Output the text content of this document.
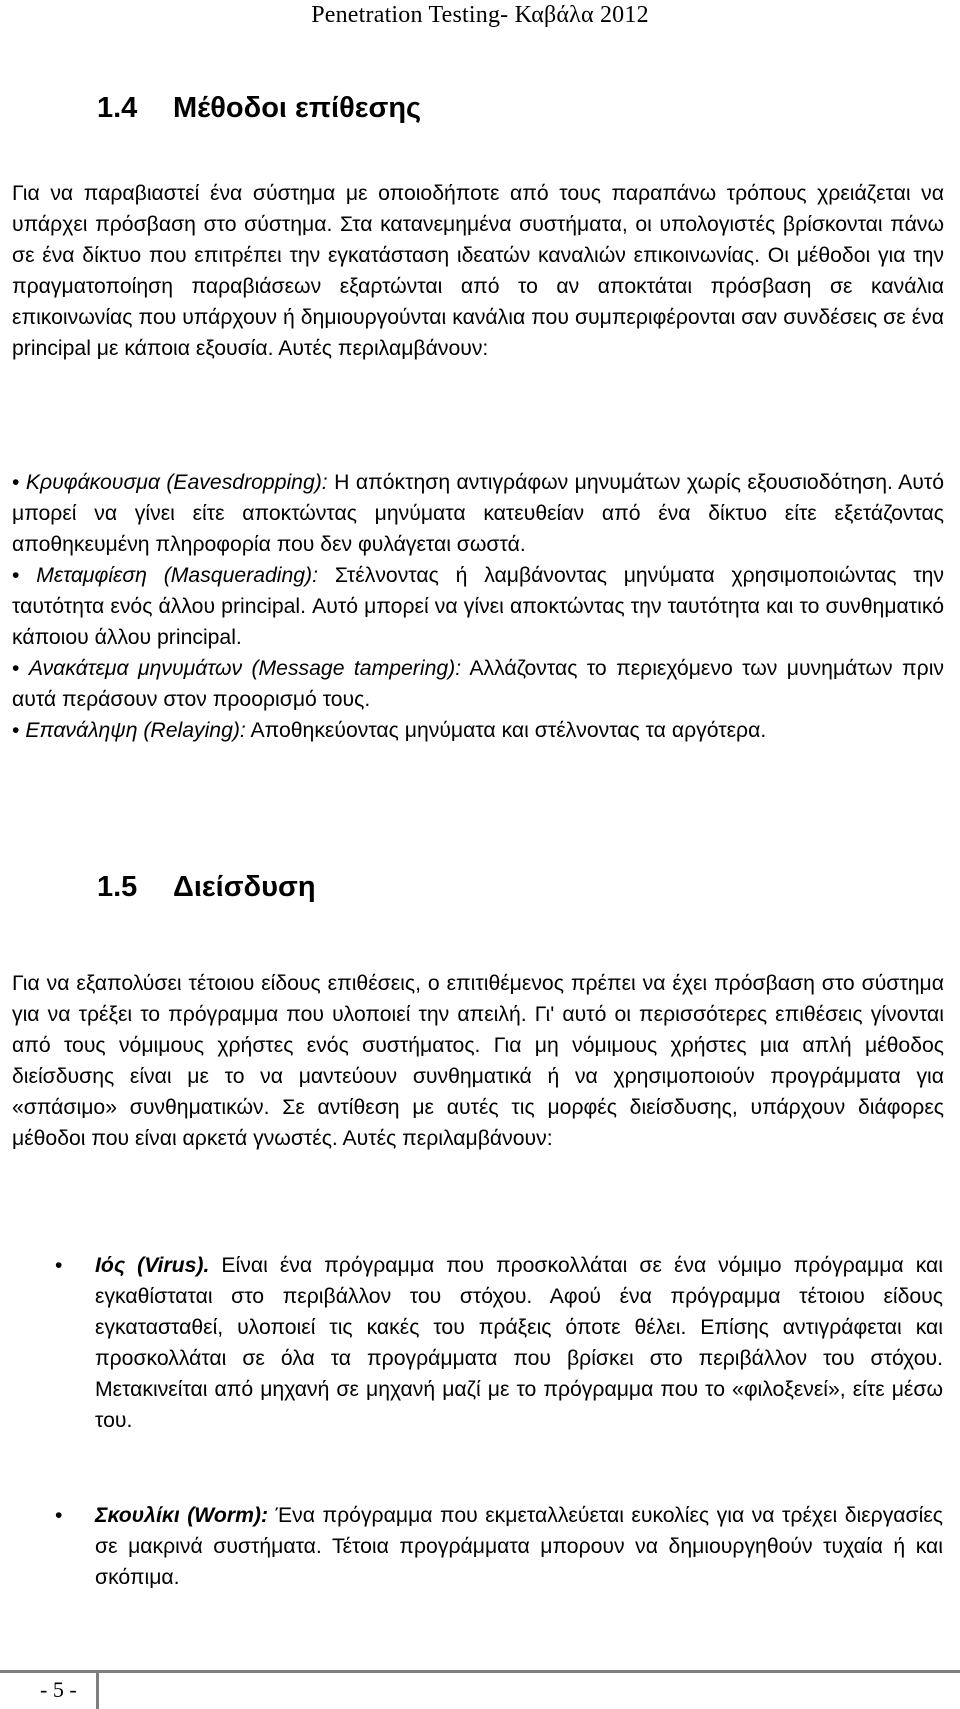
Penetration Testing- Καβάλα 2012
1.4 Μέθοδοι επίθεσης

Για να παραβιαστεί ένα σύστημα με οποιοδήποτε από τους παραπάνω τρόπους χρειάζεται να υπάρχει πρόσβαση στο σύστημα. Στα κατανεμημένα συστήματα, οι υπολογιστές βρίσκονται πάνω σε ένα δίκτυο που επιτρέπει την εγκατάσταση ιδεατών καναλιών επικοινωνίας. Οι μέθοδοι για την πραγματοποίηση παραβιάσεων εξαρτώνται από το αν αποκτάται πρόσβαση σε κανάλια επικοινωνίας που υπάρχουν ή δημιουργούνται κανάλια που συμπεριφέρονται σαν συνδέσεις σε ένα principal με κάποια εξουσία. Αυτές περιλαμβάνουν:

• Κρυφάκουσμα (Eavesdropping): Η απόκτηση αντιγράφων μηνυμάτων χωρίς εξουσιοδότηση. Αυτό μπορεί να γίνει είτε αποκτώντας μηνύματα κατευθείαν από ένα δίκτυο είτε εξετάζοντας αποθηκευμένη πληροφορία που δεν φυλάγεται σωστά.

• Μεταμφίεση (Masquerading): Στέλνοντας ή λαμβάνοντας μηνύματα χρησιμοποιώντας την ταυτότητα ενός άλλου principal. Αυτό μπορεί να γίνει αποκτώντας την ταυτότητα και το συνθηματικό κάποιου άλλου principal.

• Ανακάτεμα μηνυμάτων (Message tampering): Αλλάζοντας το περιεχόμενο των μυνημάτων πριν αυτά περάσουν στον προορισμό τους.

• Επανάληψη (Relaying): Αποθηκεύοντας μηνύματα και στέλνοντας τα αργότερα.

1.5 Διείσδυση

Για να εξαπολύσει τέτοιου είδους επιθέσεις, ο επιτιθέμενος πρέπει να έχει πρόσβαση στο σύστημα για να τρέξει το πρόγραμμα που υλοποιεί την απειλή. Γι' αυτό οι περισσότερες επιθέσεις γίνονται από τους νόμιμους χρήστες ενός συστήματος. Για μη νόμιμους χρήστες μια απλή μέθοδος διείσδυσης είναι με το να μαντεύουν συνθηματικά ή να χρησιμοποιούν προγράμματα για «σπάσιμο» συνθηματικών. Σε αντίθεση με αυτές τις μορφές διείσδυσης, υπάρχουν διάφορες μέθοδοι που είναι αρκετά γνωστές. Αυτές περιλαμβάνουν:

• Ιός (Virus). Είναι ένα πρόγραμμα που προσκολλάται σε ένα νόμιμο πρόγραμμα και εγκαθίσταται στο περιβάλλον του στόχου. Αφού ένα πρόγραμμα τέτοιου είδους εγκατασταθεί, υλοποιεί τις κακές του πράξεις όποτε θέλει. Επίσης αντιγράφεται και προσκολλάται σε όλα τα προγράμματα που βρίσκει στο περιβάλλον του στόχου. Μετακινείται από μηχανή σε μηχανή μαζί με το πρόγραμμα που το «φιλοξενεί», είτε μέσω του.
• Σκουλίκι (Worm): Ένα πρόγραμμα που εκμεταλλεύεται ευκολίες για να τρέχει διεργασίες σε μακρινά συστήματα. Τέτοια προγράμματα μπορουν να δημιουργηθούν τυχαία ή και σκόπιμα.
- 5 -
